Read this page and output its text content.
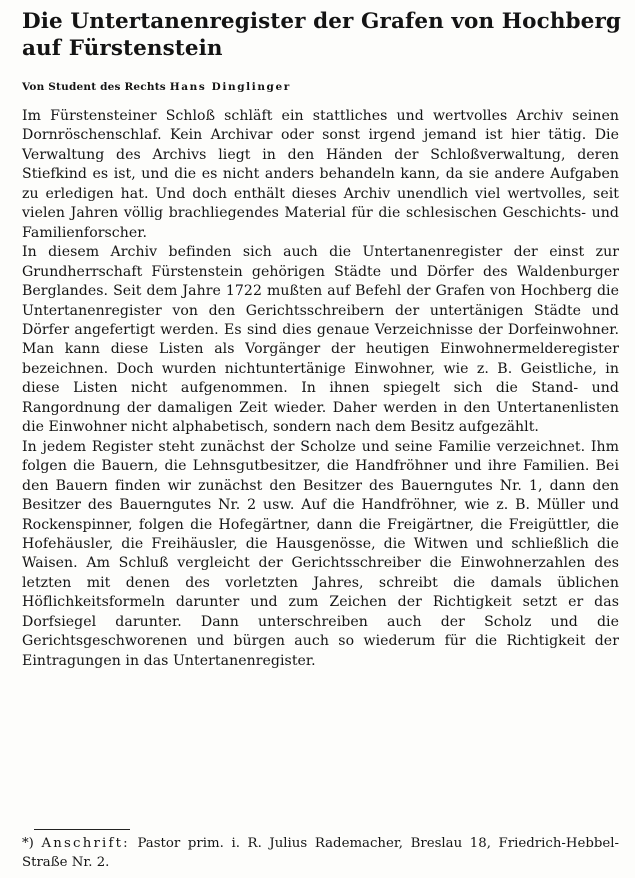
Die Untertanenregister der Grafen von Hochberg auf Fürstenstein
Von Student des Rechts Hans Dinglinger

Im Fürstensteiner Schloß schläft ein stattliches und wertvolles Archiv seinen Dornröschenschlaf. Kein Archivar oder sonst irgend jemand ist hier tätig. Die Verwaltung des Archivs liegt in den Händen der Schloßverwaltung, deren Stiefkind es ist, und die es nicht anders behandeln kann, da sie andere Aufgaben zu erledigen hat. Und doch enthält dieses Archiv unendlich viel wertvolles, seit vielen Jahren völlig brachliegendes Material für die schlesischen Geschichts- und Familienforscher.

In diesem Archiv befinden sich auch die Untertanenregister der einst zur Grundherrschaft Fürstenstein gehörigen Städte und Dörfer des Waldenburger Berglandes. Seit dem Jahre 1722 mußten auf Befehl der Grafen von Hochberg die Untertanenregister von den Gerichtsschreibern der untertänigen Städte und Dörfer angefertigt werden. Es sind dies genaue Verzeichnisse der Dorfeinwohner. Man kann diese Listen als Vorgänger der heutigen Einwohnermelderegister bezeichnen. Doch wurden nichtuntertänige Einwohner, wie z. B. Geistliche, in diese Listen nicht aufgenommen. In ihnen spiegelt sich die Stand- und Rangordnung der damaligen Zeit wieder. Daher werden in den Untertanenlisten die Einwohner nicht alphabetisch, sondern nach dem Besitz aufgezählt.

In jedem Register steht zunächst der Scholze und seine Familie verzeichnet. Ihm folgen die Bauern, die Lehnsgutbesitzer, die Handfröhner und ihre Familien. Bei den Bauern finden wir zunächst den Besitzer des Bauerngutes Nr. 1, dann den Besitzer des Bauerngutes Nr. 2 usw. Auf die Handfröhner, wie z. B. Müller und Rockenspinner, folgen die Hofegärtner, dann die Freigärtner, die Freigüttler, die Hofehäusler, die Freihäusler, die Hausgenösse, die Witwen und schließlich die Waisen. Am Schluß vergleicht der Gerichtsschreiber die Einwohnerzahlen des letzten mit denen des vorletzten Jahres, schreibt die damals üblichen Höflichkeitsformeln darunter und zum Zeichen der Richtigkeit setzt er das Dorfsiegel darunter. Dann unterschreiben auch der Scholz und die Gerichtsgeschworenen und bürgen auch so wiederum für die Richtigkeit der Eintragungen in das Untertanenregister.

*) Anschrift: Pastor prim. i. R. Julius Rademacher, Breslau 18, Friedrich-Hebbel-Straße Nr. 2.
